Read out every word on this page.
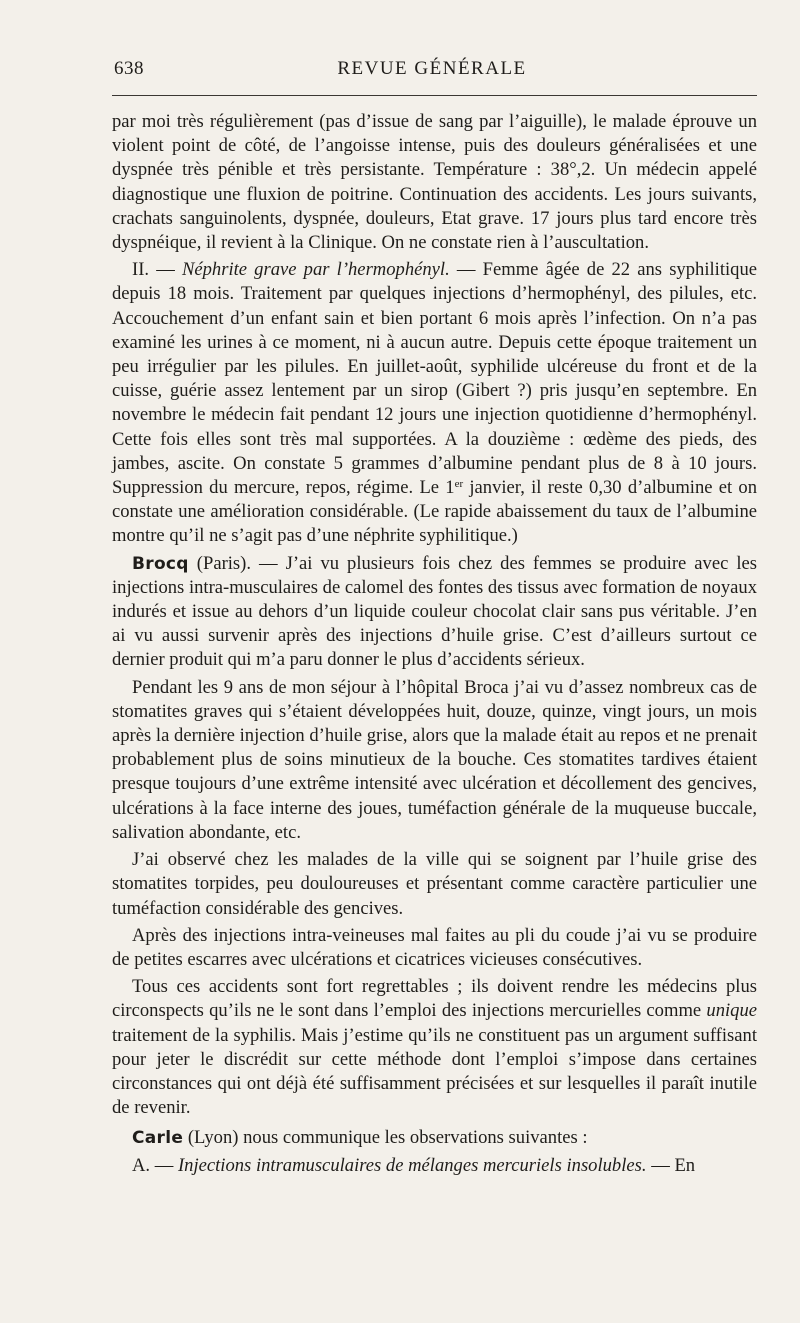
638	REVUE GÉNÉRALE

par moi très régulièrement (pas d’issue de sang par l’aiguille), le malade éprouve un violent point de côté, de l’angoisse intense, puis des douleurs généralisées et une dyspnée très pénible et très persistante. Température : 38°,2. Un médecin appelé diagnostique une fluxion de poitrine. Continuation des accidents. Les jours suivants, crachats sanguinolents, dyspnée, douleurs, Etat grave. 17 jours plus tard encore très dyspnéique, il revient à la Clinique. On ne constate rien à l’auscultation.

II. — Néphrite grave par l’hermophényl. — Femme âgée de 22 ans syphilitique depuis 18 mois. Traitement par quelques injections d’hermophényl, des pilules, etc. Accouchement d’un enfant sain et bien portant 6 mois après l’infection. On n’a pas examiné les urines à ce moment, ni à aucun autre. Depuis cette époque traitement un peu irrégulier par les pilules. En juillet-août, syphilide ulcéreuse du front et de la cuisse, guérie assez lentement par un sirop (Gibert ?) pris jusqu’en septembre. En novembre le médecin fait pendant 12 jours une injection quotidienne d’hermophényl. Cette fois elles sont très mal supportées. A la douzième : œdème des pieds, des jambes, ascite. On constate 5 grammes d’albumine pendant plus de 8 à 10 jours. Suppression du mercure, repos, régime. Le 1er janvier, il reste 0,30 d’albumine et on constate une amélioration considérable. (Le rapide abaissement du taux de l’albumine montre qu’il ne s’agit pas d’une néphrite syphilitique.)

Brocq (Paris). — J’ai vu plusieurs fois chez des femmes se produire avec les injections intra-musculaires de calomel des fontes des tissus avec formation de noyaux indurés et issue au dehors d’un liquide couleur chocolat clair sans pus véritable. J’en ai vu aussi survenir après des injections d’huile grise. C’est d’ailleurs surtout ce dernier produit qui m’a paru donner le plus d’accidents sérieux.

Pendant les 9 ans de mon séjour à l’hôpital Broca j’ai vu d’assez nombreux cas de stomatites graves qui s’étaient développées huit, douze, quinze, vingt jours, un mois après la dernière injection d’huile grise, alors que la malade était au repos et ne prenait probablement plus de soins minutieux de la bouche. Ces stomatites tardives étaient presque toujours d’une extrême intensité avec ulcération et décollement des gencives, ulcérations à la face interne des joues, tuméfaction générale de la muqueuse buccale, salivation abondante, etc.

J’ai observé chez les malades de la ville qui se soignent par l’huile grise des stomatites torpides, peu douloureuses et présentant comme caractère particulier une tuméfaction considérable des gencives.

Après des injections intra-veineuses mal faites au pli du coude j’ai vu se produire de petites escarres avec ulcérations et cicatrices vicieuses consécutives.

Tous ces accidents sont fort regrettables ; ils doivent rendre les médecins plus circonspects qu’ils ne le sont dans l’emploi des injections mercurielles comme unique traitement de la syphilis. Mais j’estime qu’ils ne constituent pas un argument suffisant pour jeter le discrédit sur cette méthode dont l’emploi s’impose dans certaines circonstances qui ont déjà été suffisamment précisées et sur lesquelles il paraît inutile de revenir.

Carle (Lyon) nous communique les observations suivantes :

A. — Injections intramusculaires de mélanges mercuriels insolubles. — En
